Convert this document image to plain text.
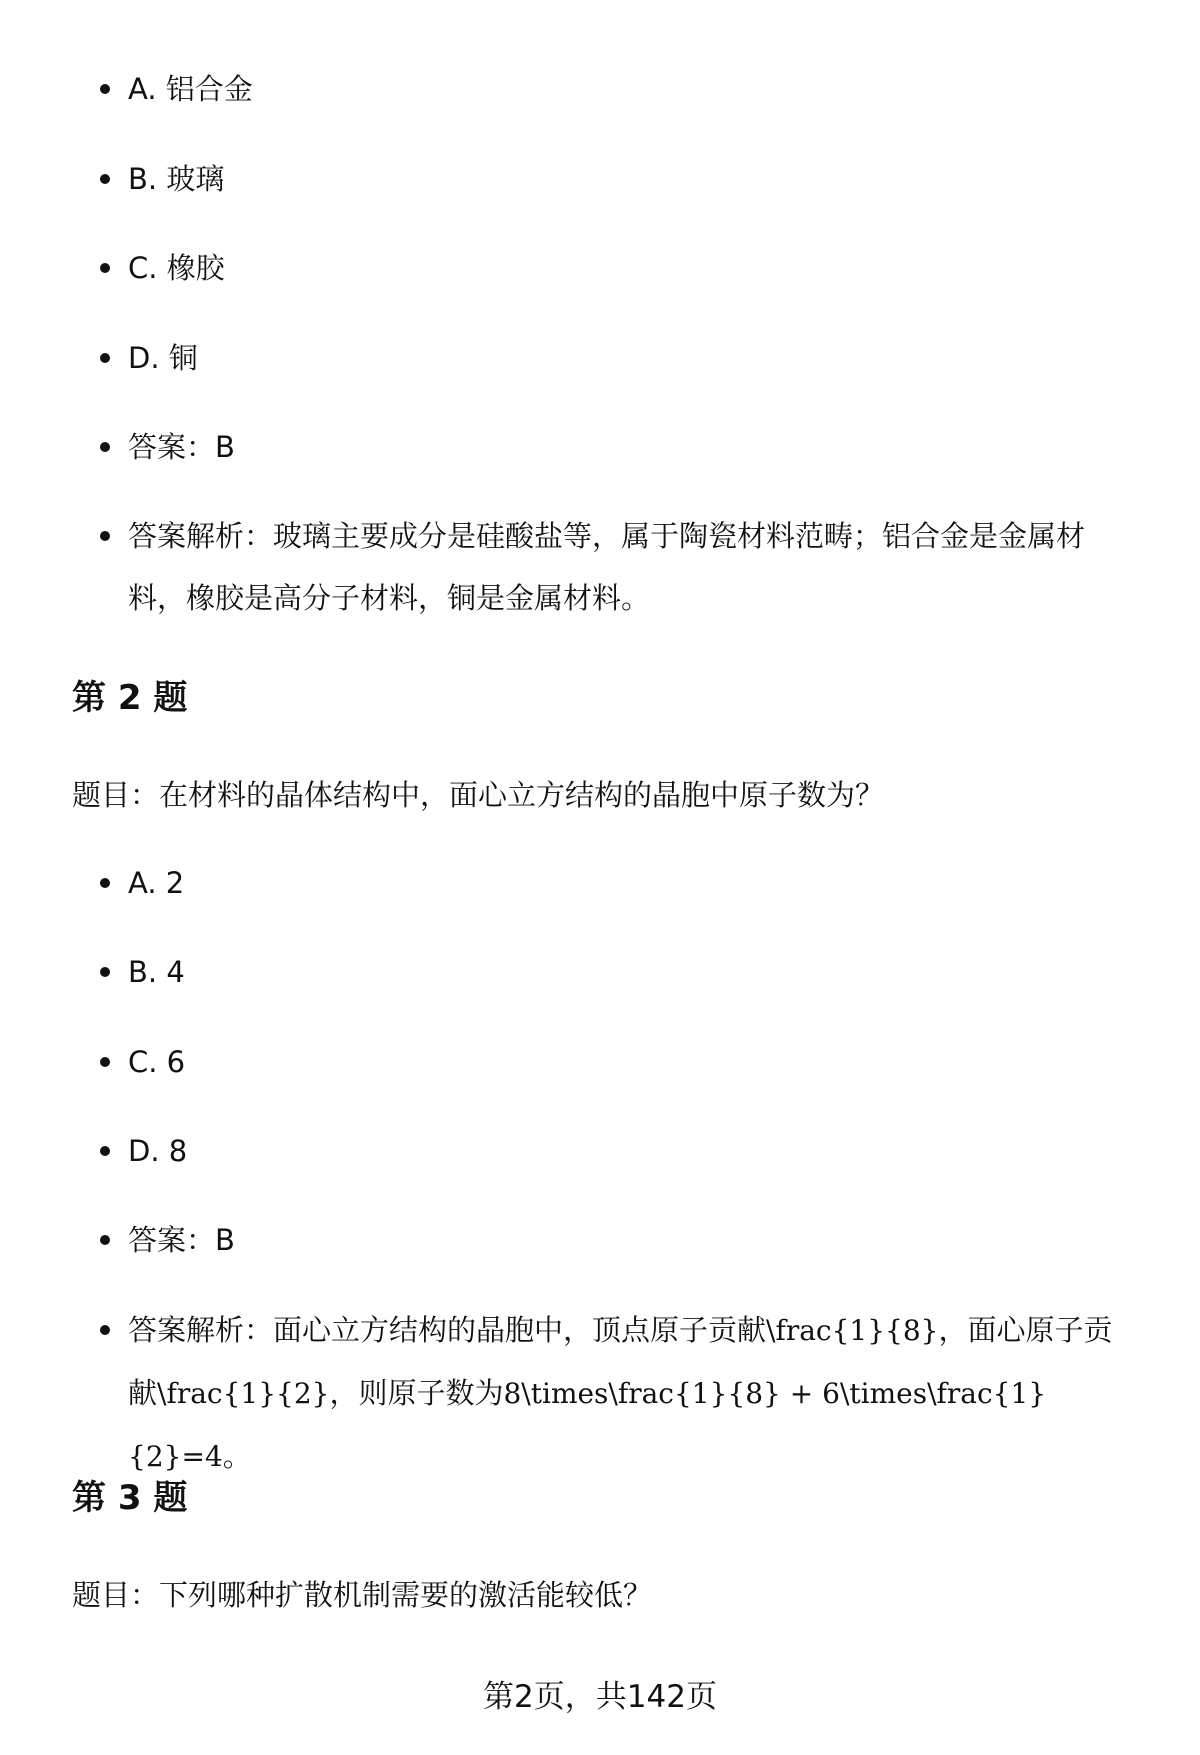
A. 铝合金
B. 玻璃
C. 橡胶
D. 铜
答案：B
答案解析：玻璃主要成分是硅酸盐等，属于陶瓷材料范畴；铝合金是金属材料，橡胶是高分子材料，铜是金属材料。
第 2 题
题目：在材料的晶体结构中，面心立方结构的晶胞中原子数为？
A. 2
B. 4
C. 6
D. 8
答案：B
答案解析：面心立方结构的晶胞中，顶点原子贡献\frac{1}{8}，面心原子贡献\frac{1}{2}，则原子数为8\times\frac{1}{8} + 6\times\frac{1}{2}=4。
第 3 题
题目：下列哪种扩散机制需要的激活能较低？
第2页，共142页
